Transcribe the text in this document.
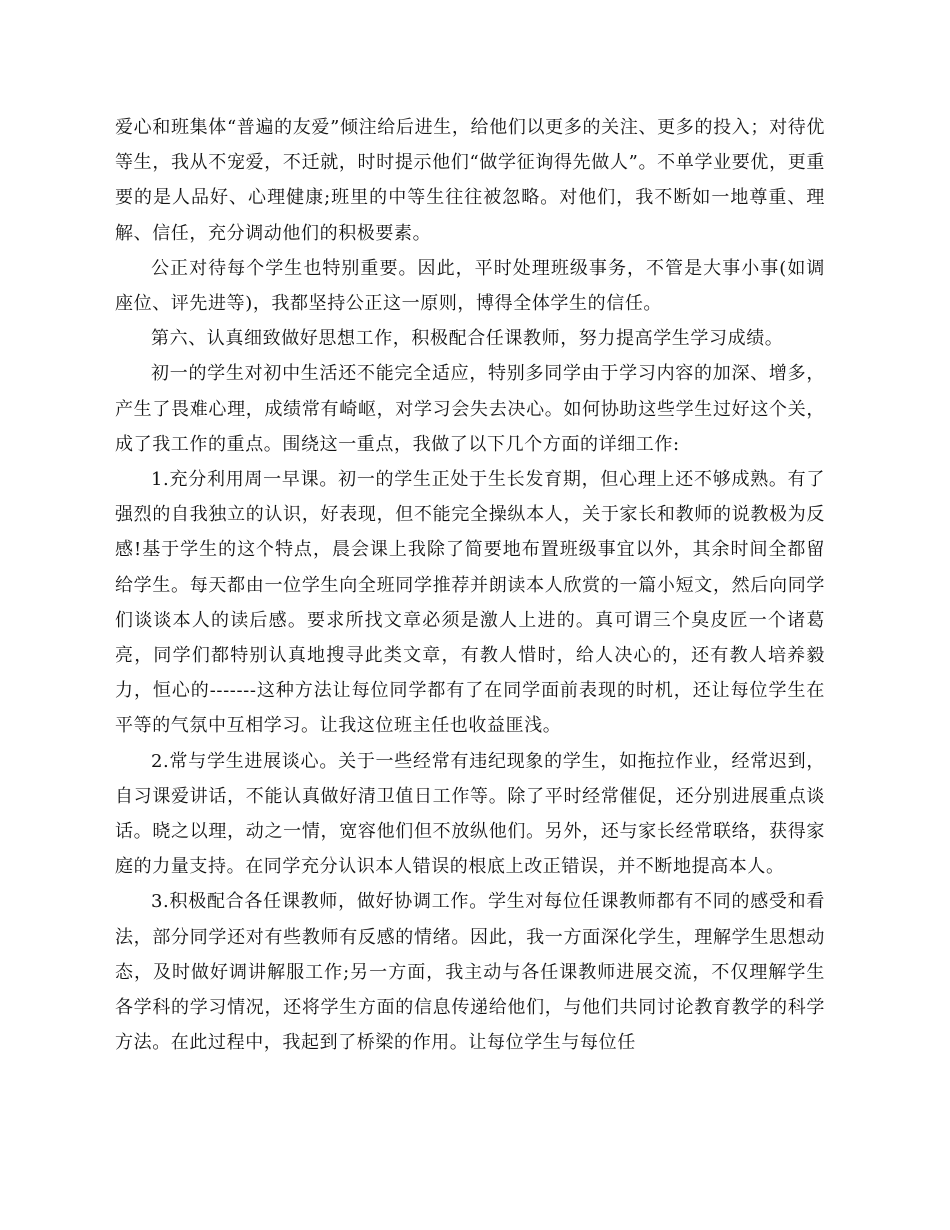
爱心和班集体“普遍的友爱”倾注给后进生，给他们以更多的关注、更多的投入；对待优等生，我从不宠爱，不迁就，时时提示他们“做学征询得先做人”。不单学业要优，更重要的是人品好、心理健康;班里的中等生往往被忽略。对他们，我不断如一地尊重、理解、信任，充分调动他们的积极要素。

公正对待每个学生也特别重要。因此，平时处理班级事务，不管是大事小事(如调座位、评先进等)，我都坚持公正这一原则，博得全体学生的信任。

第六、认真细致做好思想工作，积极配合任课教师，努力提高学生学习成绩。

初一的学生对初中生活还不能完全适应，特别多同学由于学习内容的加深、增多，产生了畏难心理，成绩常有崎岖，对学习会失去决心。如何协助这些学生过好这个关，成了我工作的重点。围绕这一重点，我做了以下几个方面的详细工作:

1.充分利用周一早课。初一的学生正处于生长发育期，但心理上还不够成熟。有了强烈的自我独立的认识，好表现，但不能完全操纵本人，关于家长和教师的说教极为反感!基于学生的这个特点，晨会课上我除了简要地布置班级事宜以外，其余时间全都留给学生。每天都由一位学生向全班同学推荐并朗读本人欣赏的一篇小短文，然后向同学们谈谈本人的读后感。要求所找文章必须是激人上进的。真可谓三个臭皮匠一个诸葛亮，同学们都特别认真地搜寻此类文章，有教人惜时，给人决心的，还有教人培养毅力，恒心的-------这种方法让每位同学都有了在同学面前表现的时机，还让每位学生在平等的气氛中互相学习。让我这位班主任也收益匪浅。

2.常与学生进展谈心。关于一些经常有违纪现象的学生，如拖拉作业，经常迟到，自习课爱讲话，不能认真做好清卫值日工作等。除了平时经常催促，还分别进展重点谈话。晓之以理，动之一情，宽容他们但不放纵他们。另外，还与家长经常联络，获得家庭的力量支持。在同学充分认识本人错误的根底上改正错误，并不断地提高本人。

3.积极配合各任课教师，做好协调工作。学生对每位任课教师都有不同的感受和看法，部分同学还对有些教师有反感的情绪。因此，我一方面深化学生，理解学生思想动态，及时做好调讲解服工作;另一方面，我主动与各任课教师进展交流，不仅理解学生各学科的学习情况，还将学生方面的信息传递给他们，与他们共同讨论教育教学的科学方法。在此过程中，我起到了桥梁的作用。让每位学生与每位任
